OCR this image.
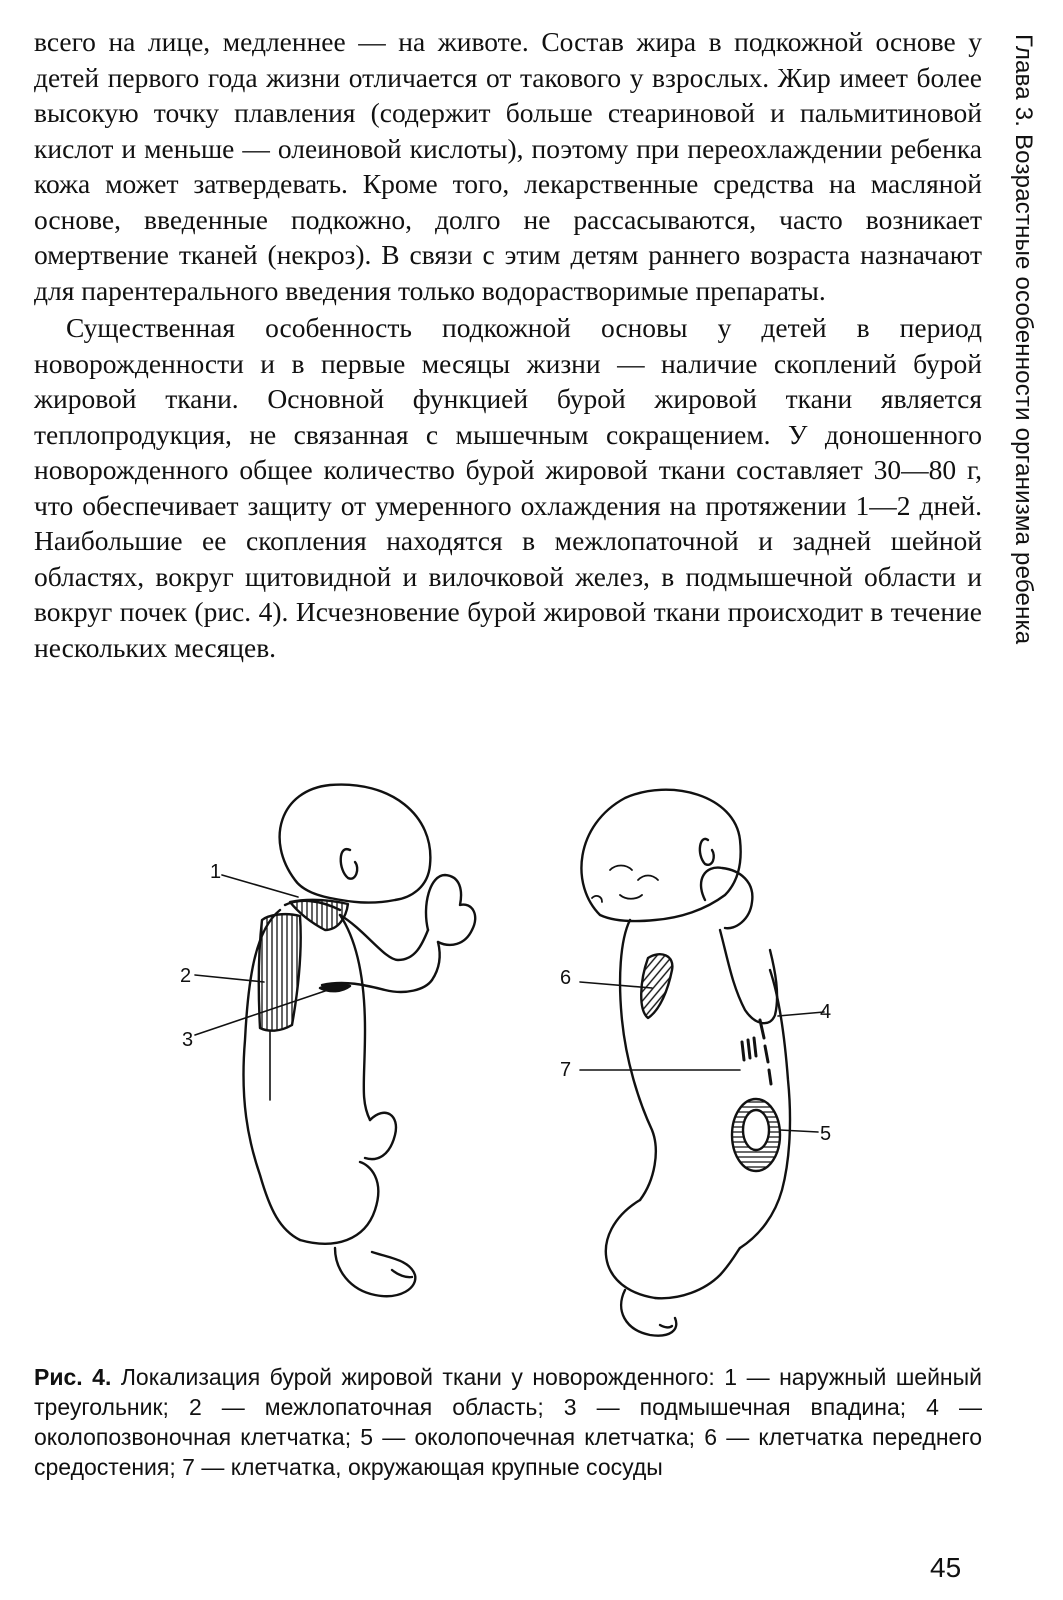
всего на лице, медленнее — на животе. Состав жира в подкожной основе у детей первого года жизни отличается от такового у взрослых. Жир имеет более высокую точку плавления (содержит больше стеариновой и пальмитиновой кислот и меньше — олеиновой кислоты), поэтому при переохлаждении ребенка кожа может затвердевать. Кроме того, лекарственные средства на масляной основе, введенные подкожно, долго не рассасываются, часто возникает омертвение тканей (некроз). В связи с этим детям раннего возраста назначают для парентерального введения только водорастворимые препараты.

Существенная особенность подкожной основы у детей в период новорожденности и в первые месяцы жизни — наличие скоплений бурой жировой ткани. Основной функцией бурой жировой ткани является теплопродукция, не связанная с мышечным сокращением. У доношенного новорожденного общее количество бурой жировой ткани составляет 30—80 г, что обеспечивает защиту от умеренного охлаждения на протяжении 1—2 дней. Наибольшие ее скопления находятся в межлопаточной и задней шейной областях, вокруг щитовидной и вилочковой желез, в подмышечной области и вокруг почек (рис. 4). Исчезновение бурой жировой ткани происходит в течение нескольких месяцев.

Глава 3. Возрастные особенности организма ребенка
1
2
3
4
5
6
7
Рис. 4. Локализация бурой жировой ткани у новорожденного: 1 — наружный шейный треугольник; 2 — межлопаточная область; 3 — подмышечная впадина; 4 — околопозвоночная клетчатка; 5 — околопочечная клетчатка; 6 — клетчатка переднего средостения; 7 — клетчатка, окружающая крупные сосуды
45
